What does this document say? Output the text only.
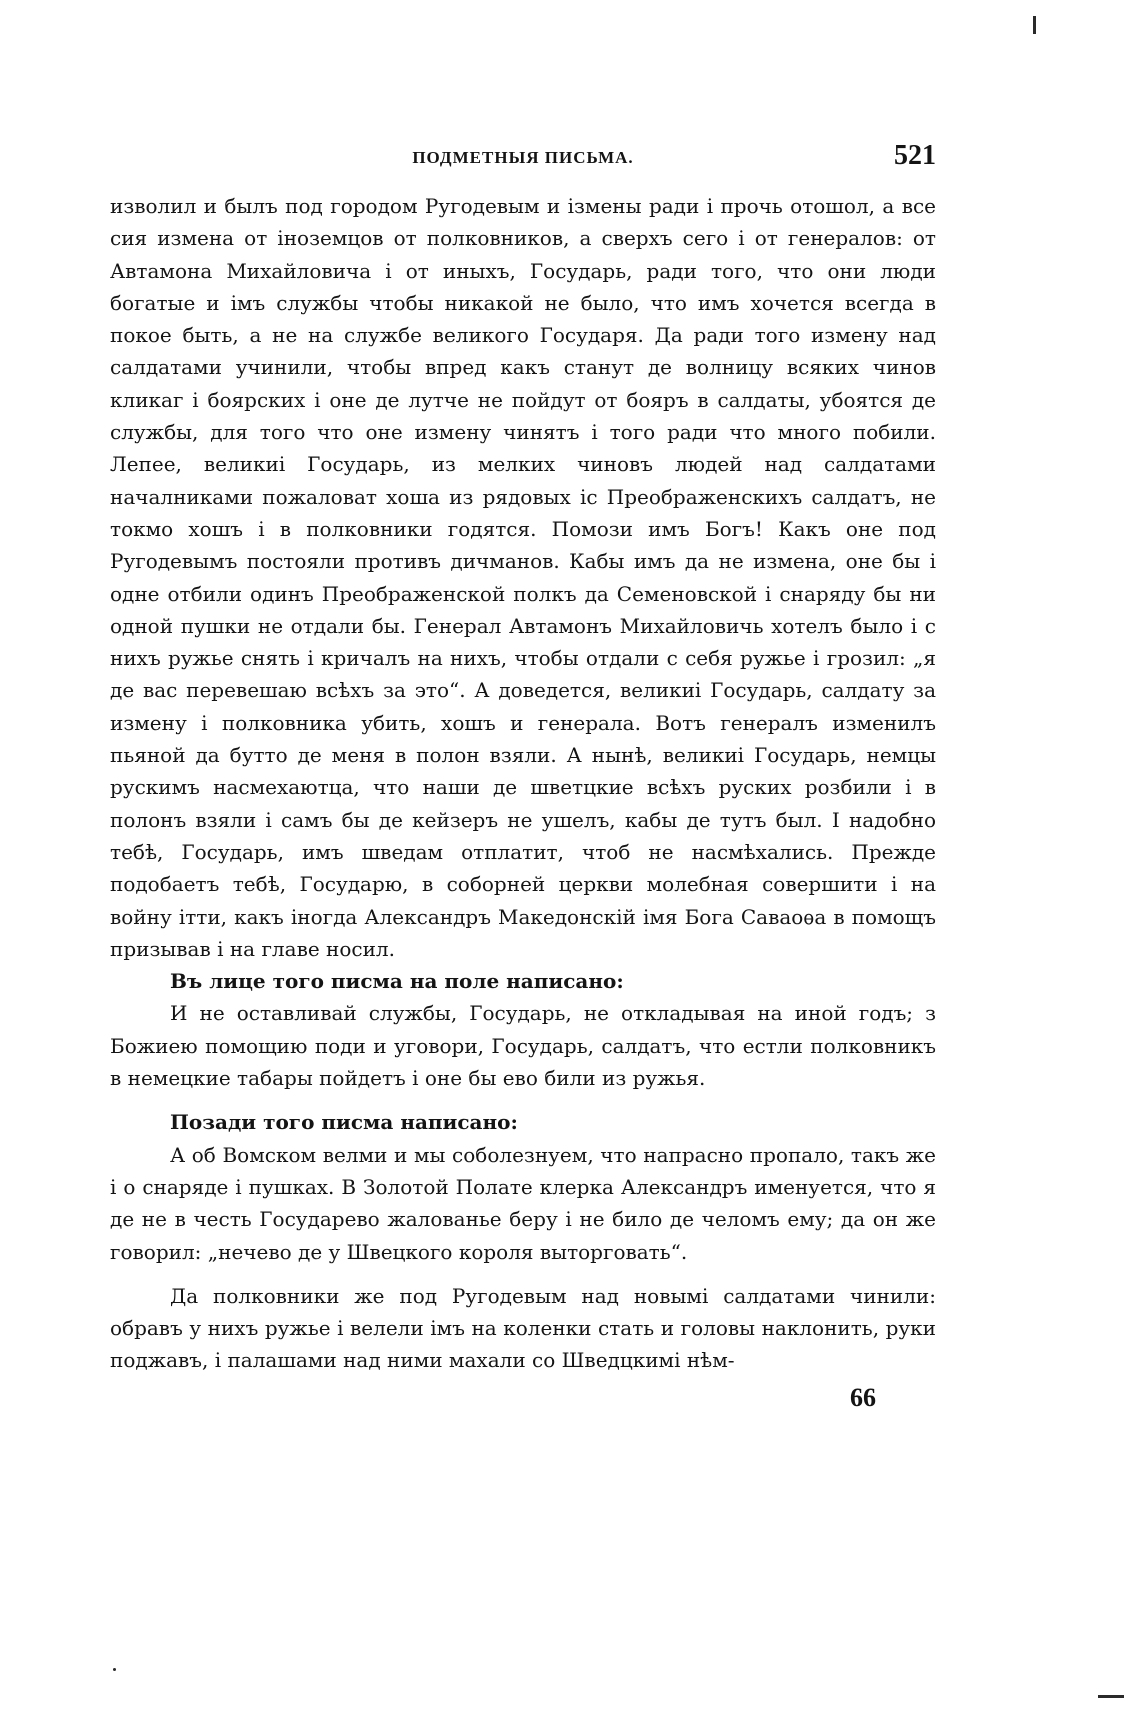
ПОДМЕТНЫЯ ПИСЬМА.	521

изволил и былъ под городом Ругодевым и ізмены ради і прочь отошол, а все сия измена от іноземцов от полковников, а сверхъ сего і от генералов: от Автамона Михайловича і от иныхъ, Государь, ради того, что они люди богатые и імъ службы чтобы никакой не было, что имъ хочется всегда в покое быть, а не на службе великого Государя. Да ради того измену над салдатами учинили, чтобы впред какъ станут де волницу всяких чинов кликаг і боярских і оне де лутче не пойдут от бояръ в салдаты, убоятся де службы, для того что оне измену чинятъ і того ради что много побили. Лепее, великиі Государь, из мелких чиновъ людей над салдатами началниками пожаловат хоша из рядовых іс Преображенскихъ салдатъ, не токмо хошъ і в полковники годятся. Помози имъ Богъ! Какъ оне под Ругодевымъ постояли противъ дичманов. Кабы имъ да не измена, оне бы і одне отбили одинъ Преображенской полкъ да Семеновской і снаряду бы ни одной пушки не отдали бы. Генерал Автамонъ Михайловичь хотелъ было і с нихъ ружье снять і кричалъ на нихъ, чтобы отдали с себя ружье і грозил: „я де вас перевешаю всѣхъ за это“. А доведется, великиі Государь, салдату за измену і полковника убить, хошъ и генерала. Вотъ генералъ изменилъ пьяной да бутто де меня в полон взяли. А нынѣ, великиі Государь, немцы рускимъ насмехаютца, что наши де шветцкие всѣхъ руских розбили і в полонъ взяли і самъ бы де кейзеръ не ушелъ, кабы де тутъ был. І надобно тебѣ, Государь, имъ шведам отплатит, чтоб не насмѣхались. Прежде подобаетъ тебѣ, Государю, в соборней церкви молебная совершити і на войну ітти, какъ іногда Александръ Македонскій імя Бога Саваоѳа в помощъ призывав і на главе носил.

Въ лице того писма на поле написано:

И не оставливай службы, Государь, не откладывая на иной годъ; з Божиею помощию поди и уговори, Государь, салдатъ, что естли полковникъ в немецкие табары пойдетъ і оне бы ево били из ружья.

Позади того писма написано:

А об Вомском велми и мы соболезнуем, что напрасно пропало, такъ же і о снаряде і пушках. В Золотой Полате клерка Александръ именуется, что я де не в честь Государево жалованье беру і не било де челомъ ему; да он же говорил: „нечево де у Швецкого короля выторговать“.

Да полковники же под Ругодевым над новымі салдатами чинили: обравъ у нихъ ружье і велели імъ на коленки стать и головы наклонить, руки поджавъ, і палашами над ними махали со Шведцкимі нѣм-

66
